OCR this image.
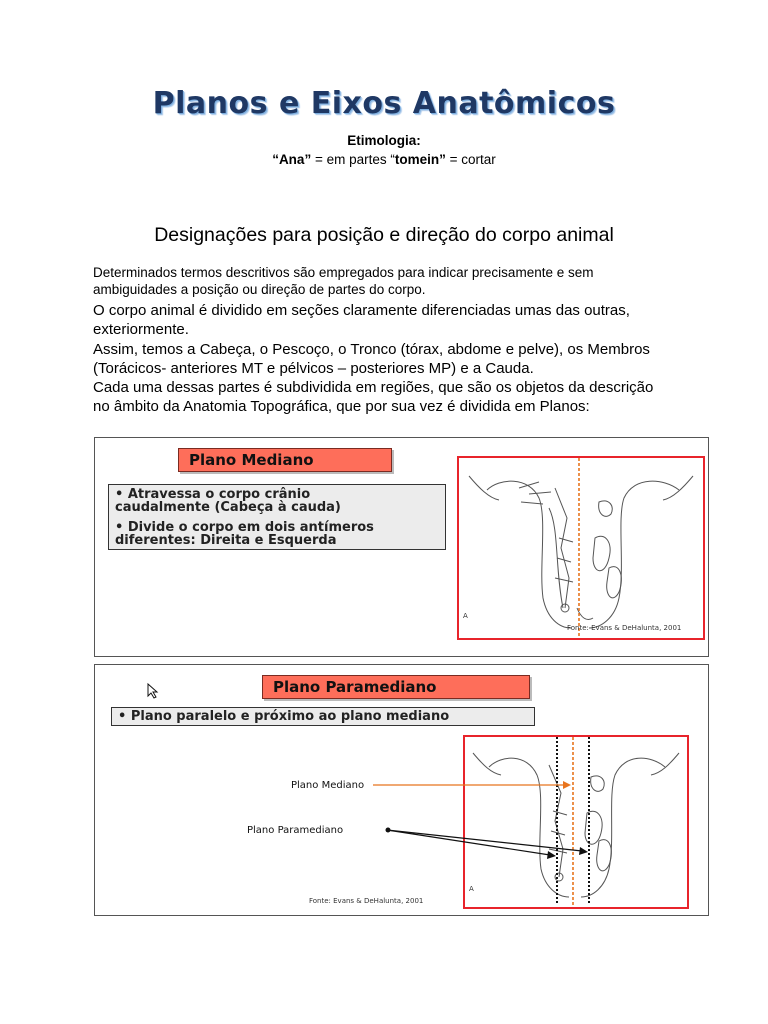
Planos e Eixos Anatômicos
Etimologia:
“Ana” = em partes “tomein” = cortar
Designações para posição e direção do corpo animal
Determinados termos descritivos são empregados para indicar precisamente e sem
ambiguidades a posição ou direção de partes do corpo.
O corpo animal é dividido em seções claramente diferenciadas umas das outras,
exteriormente.
Assim, temos a Cabeça, o Pescoço, o Tronco (tórax, abdome e pelve), os Membros
(Torácicos- anteriores MT e pélvicos – posteriores MP) e a Cauda.
Cada uma dessas partes é subdividida em regiões, que são os objetos da descrição
no âmbito da Anatomia Topográfica, que por sua vez é dividida em Planos:
Plano Mediano
• Atravessa o corpo crânio
caudalmente (Cabeça à cauda)
• Divide o corpo em dois antímeros
diferentes: Direita e Esquerda
Fonte: Evans & DeHalunta, 2001
A
Plano Paramediano
• Plano paralelo e próximo ao plano mediano
A
Plano Mediano
Plano Paramediano
Fonte: Evans & DeHalunta, 2001
